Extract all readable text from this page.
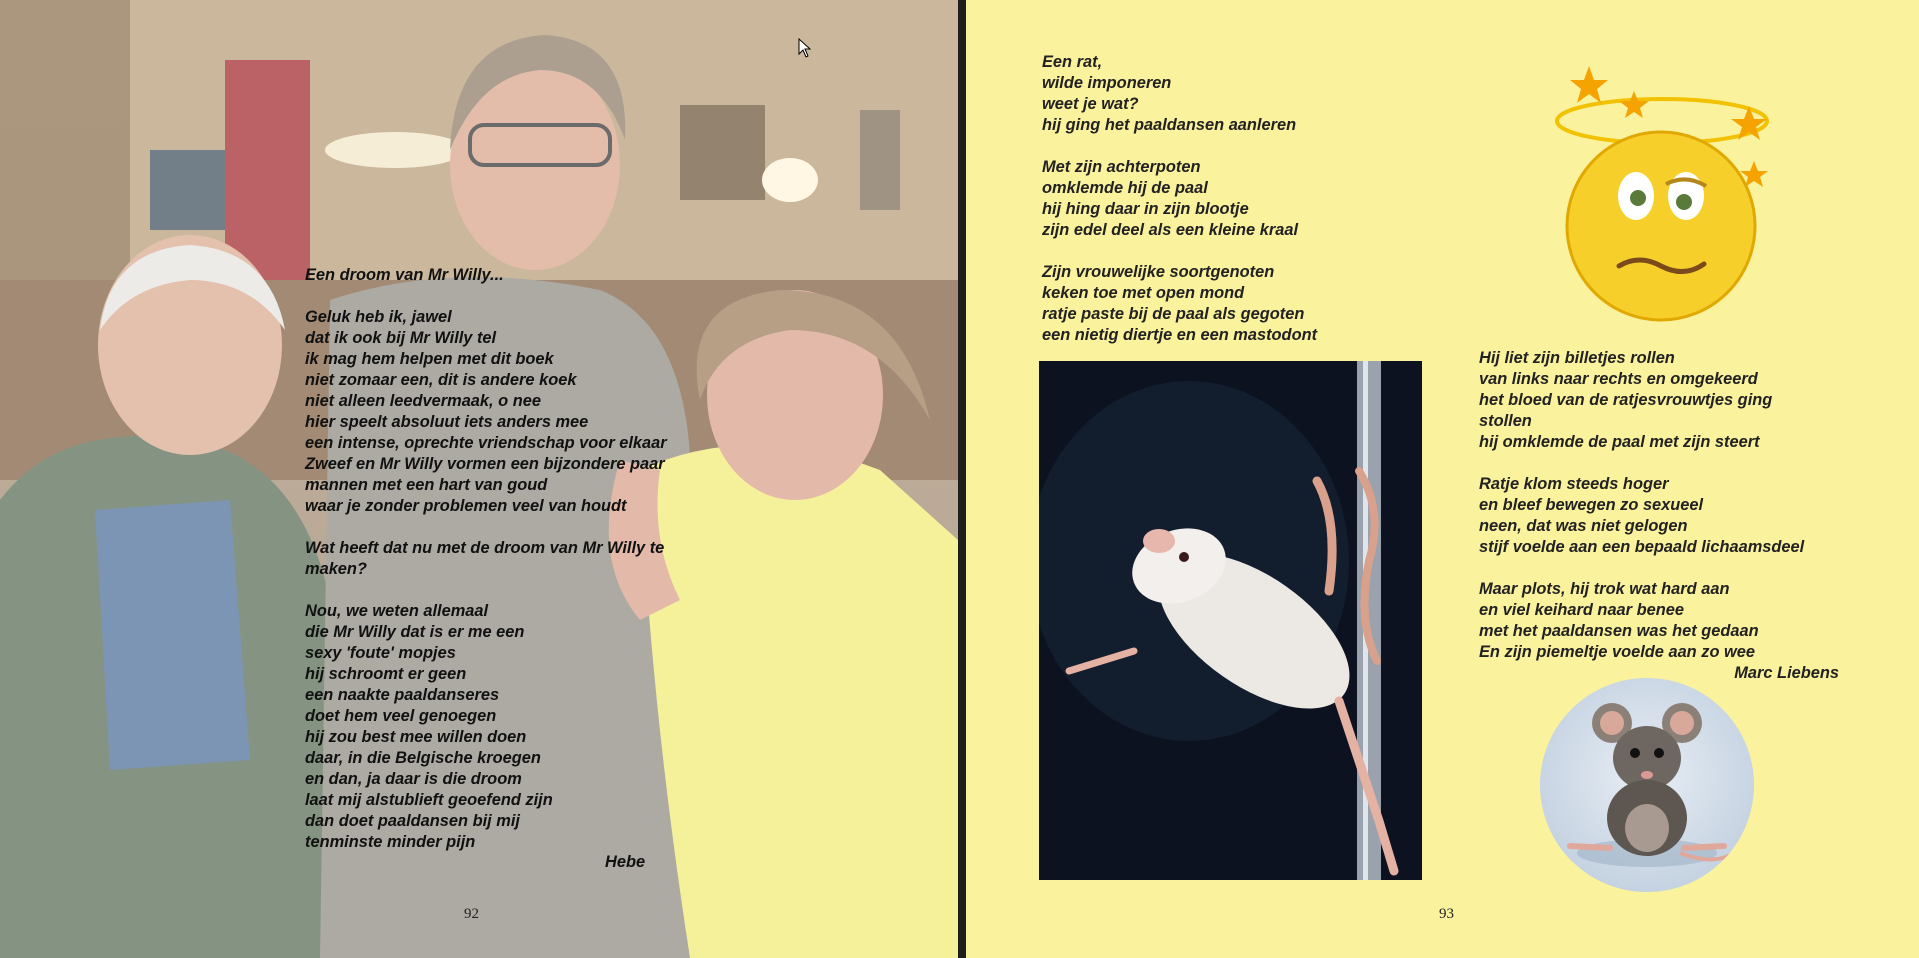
Een droom van Mr Willy...
Geluk heb ik, jawel
dat ik ook bij Mr Willy tel
ik mag hem helpen met dit boek
niet zomaar een, dit is andere koek
niet alleen leedvermaak, o nee
hier speelt absoluut iets anders mee
een intense, oprechte vriendschap voor elkaar
Zweef en Mr Willy vormen een bijzondere paar
mannen met een hart van goud
waar je zonder problemen veel van houdt
Wat heeft dat nu met de droom van Mr Willy te maken?
Nou, we weten allemaal
die Mr Willy dat is er me een
sexy 'foute' mopjes
hij schroomt er geen
een naakte paaldanseres
doet hem veel genoegen
hij zou best mee willen doen
daar, in die Belgische kroegen
en dan, ja daar is die droom
laat mij alstublieft geoefend zijn
dan doet paaldansen bij mij
tenminste minder pijn
Hebe
92
Een rat,
wilde imponeren
weet je wat?
hij ging het paaldansen aanleren
Met zijn achterpoten
omklemde hij de paal
hij hing daar in zijn blootje
zijn edel deel als een kleine kraal
Zijn vrouwelijke soortgenoten
keken toe met open mond
ratje paste bij de paal als gegoten
een nietig diertje en een mastodont
Hij liet zijn billetjes rollen
van links naar rechts en omgekeerd
het bloed van de ratjesvrouwtjes ging
stollen
hij omklemde de paal met zijn steert
Ratje klom steeds hoger
en bleef bewegen zo sexueel
neen, dat was niet gelogen
stijf voelde aan een bepaald lichaamsdeel
Maar plots, hij trok wat hard aan
en viel keihard naar benee
met het paaldansen was het gedaan
En zijn piemeltje voelde aan zo wee
Marc Liebens
93
